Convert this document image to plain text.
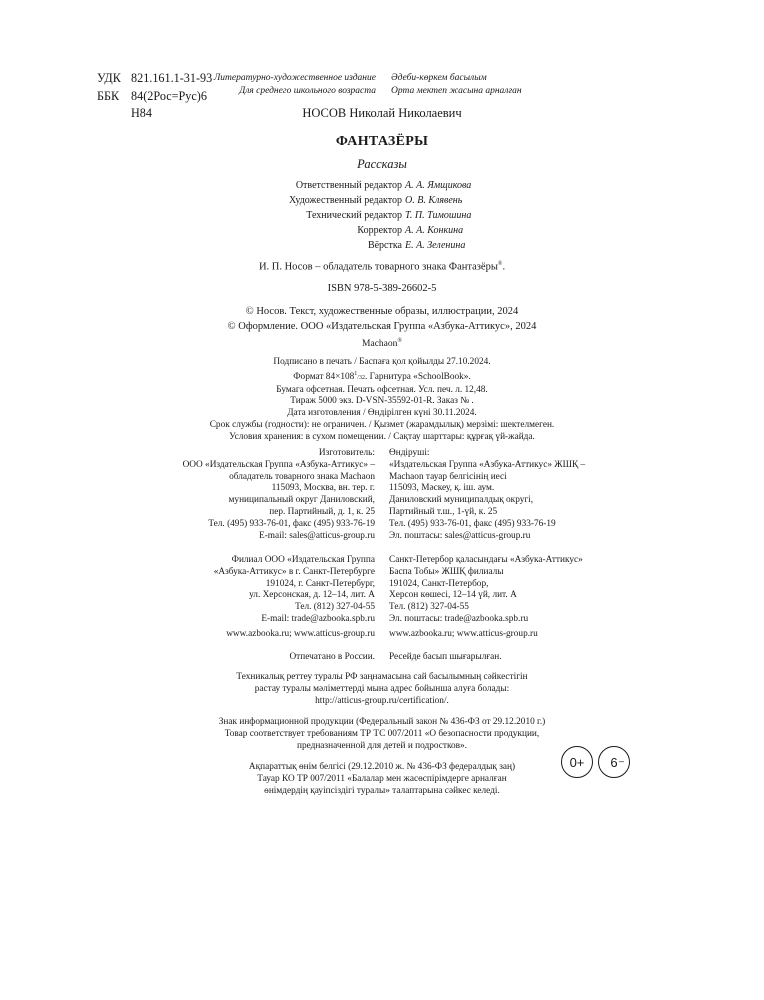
УДК 821.161.1-31-93
ББК 84(2Рос=Рус)6
Н84
Литературно-художественное издание
Для среднего школьного возраста
Әдеби-көркем басылым
Орта мектеп жасына арналған
НОСОВ Николай Николаевич
ФАНТАЗЁРЫ
Рассказы
Ответственный редактор А. А. Ямщикова
Художественный редактор О. В. Клявень
Технический редактор Т. П. Тимошина
Корректор А. А. Конкина
Вёрстка Е. А. Зеленина
И. П. Носов – обладатель товарного знака Фантазёры®.
ISBN 978-5-389-26602-5
© Носов. Текст, художественные образы, иллюстрации, 2024
© Оформление. ООО «Издательская Группа «Азбука-Аттикус», 2024
Machaon®
Подписано в печать / Баспаға қол қойылды 27.10.2024.
Формат $84\times 108^1/32$. Гарнитура «SchoolBook».
Бумага офсетная. Печать офсетная. Усл. печ. л. 12,48.
Тираж 5000 экз. D-VSN-35592-01-R. Заказ № .
Дата изготовления / Өндірілген күні 30.11.2024.
Срок службы (годности): не ограничен. / Қызмет (жарамдылық) мерзімі: шектелмеген.
Условия хранения: в сухом помещении. / Сақтау шарттары: құрғақ үй-жайда.
Изготовитель:
ООО «Издательская Группа «Азбука-Аттикус» –
обладатель товарного знака Machaon
115093, Москва, вн. тер. г.
муниципальный округ Даниловский,
пер. Партийный, д. 1, к. 25
Тел. (495) 933-76-01, факс (495) 933-76-19
E-mail: sales@atticus-group.ru
Өндіруші:
«Издательская Группа «Азбука-Аттикус» ЖШҚ –
Machaon тауар белгісінің иесі
115093, Мәскеу, қ. іш. аум.
Даниловский муниципалдық округі,
Партийный т.ш., 1-үй, к. 25
Тел. (495) 933-76-01, факс (495) 933-76-19
Эл. поштасы: sales@atticus-group.ru
Филиал ООО «Издательская Группа
«Азбука-Аттикус» в г. Санкт-Петербурге
191024, г. Санкт-Петербург,
ул. Херсонская, д. 12–14, лит. А
Тел. (812) 327-04-55
E-mail: trade@azbooka.spb.ru
Санкт-Петербор қаласындағы «Азбука-Аттикус»
Баспа Тобы» ЖШҚ филиалы
191024, Санкт-Петербор,
Херсон көшесі, 12–14 үй, лит. А
Тел. (812) 327-04-55
Эл. поштасы: trade@azbooka.spb.ru
www.azbooka.ru; www.atticus-group.ru www.azbooka.ru; www.atticus-group.ru
Отпечатано в России. Ресейде басып шығарылған.
Техникалық реттеу туралы РФ заңнамасына сай басылымның сәйкестігін
растау туралы мәліметтерді мына адрес бойынша алуға болады:
http://atticus-group.ru/certification/.
Знак информационной продукции (Федеральный закон № 436-ФЗ от 29.12.2010 г.)
Товар соответствует требованиям ТР ТС 007/2011 «О безопасности продукции,
предназначенной для детей и подростков».
0+	6 –
Ақпараттық өнім белгісі (29.12.2010 ж. № 436-ФЗ федералдық заң)
Тауар КО ТР 007/2011 «Балалар мен жасөспірімдерге арналған
өнімдердің қауіпсіздігі туралы» талаптарына сәйкес келеді.
